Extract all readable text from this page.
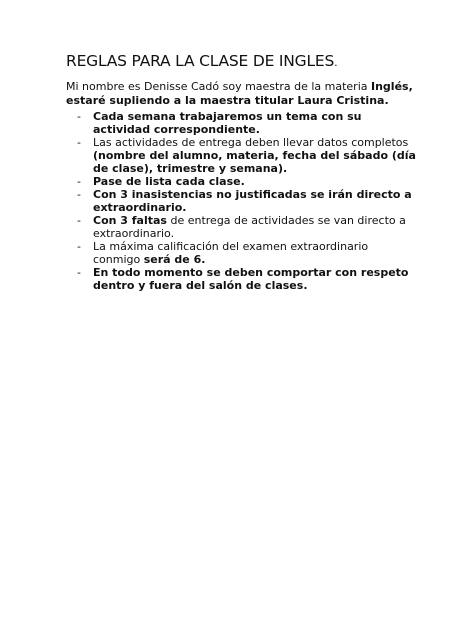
REGLAS PARA LA CLASE DE INGLES.

Mi nombre es Denisse Cadó soy maestra de la materia Inglés, estaré supliendo a la maestra titular Laura Cristina.

- Cada semana trabajaremos un tema con su actividad correspondiente.
- Las actividades de entrega deben llevar datos completos (nombre del alumno, materia, fecha del sábado (día de clase), trimestre y semana).
- Pase de lista cada clase.
- Con 3 inasistencias no justificadas se irán directo a extraordinario.
- Con 3 faltas de entrega de actividades se van directo a extraordinario.
- La máxima calificación del examen extraordinario conmigo será de 6.
- En todo momento se deben comportar con respeto dentro y fuera del salón de clases.
